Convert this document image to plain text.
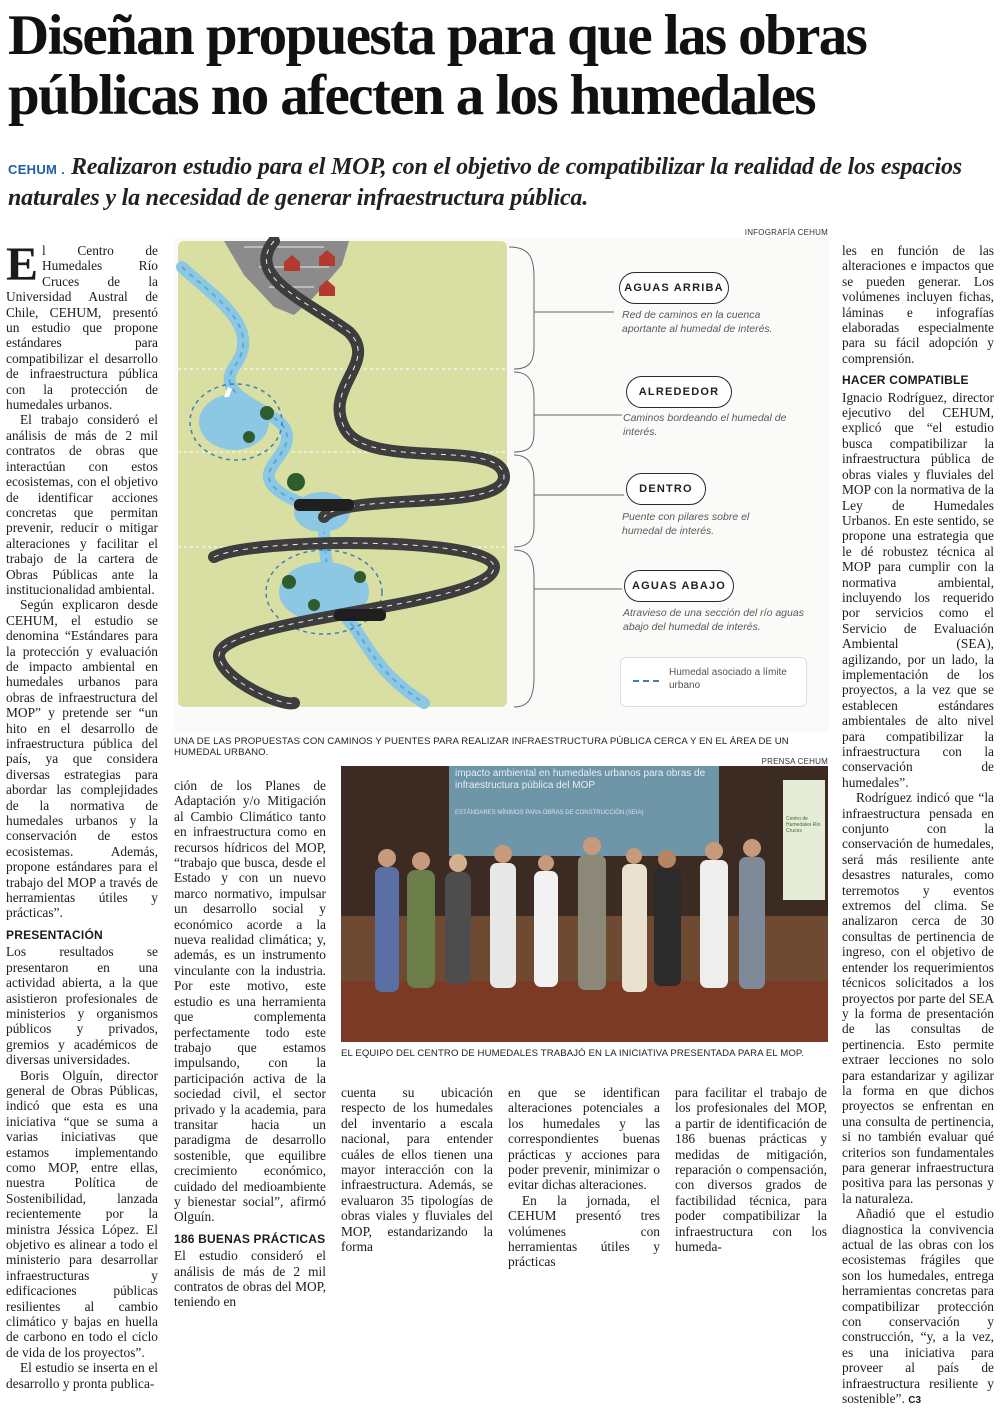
Diseñan propuesta para que las obras públicas no afecten a los humedales
CEHUM . Realizaron estudio para el MOP, con el objetivo de compatibilizar la realidad de los espacios naturales y la necesidad de generar infraestructura pública.
INFOGRAFÍA CEHUM
AGUAS ARRIBA
Red de caminos en la cuenca aportante al humedal de interés.
ALREDEDOR
Caminos bordeando el humedal de interés.
DENTRO
Puente con pilares sobre el humedal de interés.
AGUAS ABAJO
Atravieso de una sección del río aguas abajo del humedal de interés.
Humedal asociado a límite urbano
UNA DE LAS PROPUESTAS CON CAMINOS Y PUENTES PARA REALIZAR INFRAESTRUCTURA PÚBLICA CERCA Y EN EL ÁREA DE UN HUMEDAL URBANO.
PRENSA CEHUM
impacto ambiental en humedales urbanos para obras de infraestructura pública del MOP
ESTÁNDARES MÍNIMOS PARA OBRAS DE CONSTRUCCIÓN (SEIA)
Centro de Humedales Río Cruces
EL EQUIPO DEL CENTRO DE HUMEDALES TRABAJÓ EN LA INICIATIVA PRESENTADA PARA EL MOP.

El Centro de Humedales Río Cruces de la Universidad Austral de Chile, CEHUM, presentó un estudio que propone estándares para compatibilizar el desarrollo de infraestructura pública con la protección de humedales urbanos.

El trabajo consideró el análisis de más de 2 mil contratos de obras que interactúan con estos ecosistemas, con el objetivo de identificar acciones concretas que permitan prevenir, reducir o mitigar alteraciones y facilitar el trabajo de la cartera de Obras Públicas ante la institucionalidad ambiental.

Según explicaron desde CEHUM, el estudio se denomina “Estándares para la protección y evaluación de impacto ambiental en humedales urbanos para obras de infraestructura del MOP” y pretende ser “un hito en el desarrollo de infraestructura pública del país, ya que considera diversas estrategias para abordar las complejidades de la normativa de humedales urbanos y la conservación de estos ecosistemas. Además, propone estándares para el trabajo del MOP a través de herramientas útiles y prácticas”.

PRESENTACIÓN

Los resultados se presentaron en una actividad abierta, a la que asistieron profesionales de ministerios y organismos públicos y privados, gremios y académicos de diversas universidades.

Boris Olguín, director general de Obras Públicas, indicó que esta es una iniciativa “que se suma a varias iniciativas que estamos implementando como MOP, entre ellas, nuestra Política de Sostenibilidad, lanzada recientemente por la ministra Jéssica López. El objetivo es alinear a todo el ministerio para desarrollar infraestructuras y edificaciones públicas resilientes al cambio climático y bajas en huella de carbono en todo el ciclo de vida de los proyectos”.

El estudio se inserta en el desarrollo y pronta publica-

ción de los Planes de Adaptación y/o Mitigación al Cambio Climático tanto en infraestructura como en recursos hídricos del MOP, “trabajo que busca, desde el Estado y con un nuevo marco normativo, impulsar un desarrollo social y económico acorde a la nueva realidad climática; y, además, es un instrumento vinculante con la industria. Por este motivo, este estudio es una herramienta que complementa perfectamente todo este trabajo que estamos impulsando, con la participación activa de la sociedad civil, el sector privado y la academia, para transitar hacia un paradigma de desarrollo sostenible, que equilibre crecimiento económico, cuidado del medioambiente y bienestar social”, afirmó Olguín.

186 BUENAS PRÁCTICAS

El estudio consideró el análisis de más de 2 mil contratos de obras del MOP, teniendo en

cuenta su ubicación respecto de los humedales del inventario a escala nacional, para entender cuáles de ellos tienen una mayor interacción con la infraestructura. Además, se evaluaron 35 tipologías de obras viales y fluviales del MOP, estandarizando la forma

en que se identifican alteraciones potenciales a los humedales y las correspondientes buenas prácticas y acciones para poder prevenir, minimizar o evitar dichas alteraciones.

En la jornada, el CEHUM presentó tres volúmenes con herramientas útiles y prácticas

para facilitar el trabajo de los profesionales del MOP, a partir de identificación de 186 buenas prácticas y medidas de mitigación, reparación o compensación, con diversos grados de factibilidad técnica, para poder compatibilizar la infraestructura con los humeda-

les en función de las alteraciones e impactos que se pueden generar. Los volúmenes incluyen fichas, láminas e infografías elaboradas especialmente para su fácil adopción y comprensión.

HACER COMPATIBLE

Ignacio Rodríguez, director ejecutivo del CEHUM, explicó que “el estudio busca compatibilizar la infraestructura pública de obras viales y fluviales del MOP con la normativa de la Ley de Humedales Urbanos. En este sentido, se propone una estrategia que le dé robustez técnica al MOP para cumplir con la normativa ambiental, incluyendo los requerido por servicios como el Servicio de Evaluación Ambiental (SEA), agilizando, por un lado, la implementación de los proyectos, a la vez que se establecen estándares ambientales de alto nivel para compatibilizar la infraestructura con la conservación de humedales”.

Rodríguez indicó que “la infraestructura pensada en conjunto con la conservación de humedales, será más resiliente ante desastres naturales, como terremotos y eventos extremos del clima. Se analizaron cerca de 30 consultas de pertinencia de ingreso, con el objetivo de entender los requerimientos técnicos solicitados a los proyectos por parte del SEA y la forma de presentación de las consultas de pertinencia. Esto permite extraer lecciones no solo para estandarizar y agilizar la forma en que dichos proyectos se enfrentan en una consulta de pertinencia, si no también evaluar qué criterios son fundamentales para generar infraestructura positiva para las personas y la naturaleza.

Añadió que el estudio diagnostica la convivencia actual de las obras con los ecosistemas frágiles que son los humedales, entrega herramientas concretas para compatibilizar protección con conservación y construcción, “y, a la vez, es una iniciativa para proveer al país de infraestructura resiliente y sostenible”. C3
